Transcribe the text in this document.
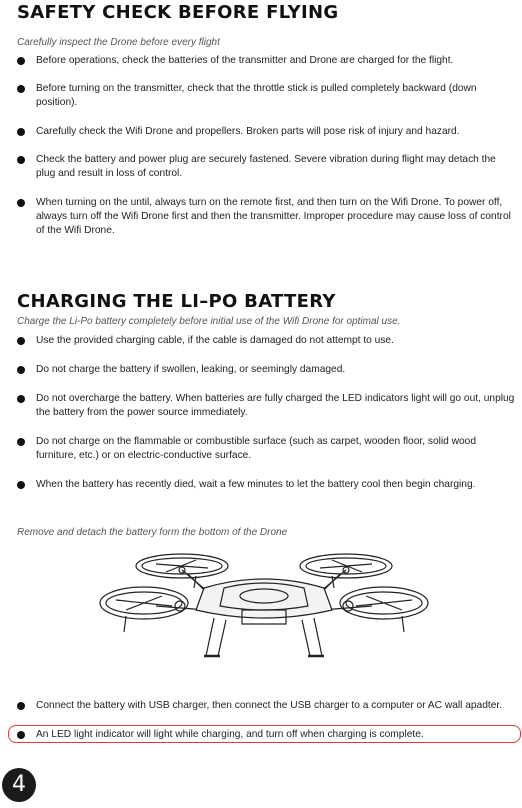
SAFETY CHECK BEFORE FLYING
Carefully inspect the Drone before every flight
Before operations, check the batteries of the transmitter and Drone are charged for the flight.
Before turning on the transmitter, check that the throttle stick is pulled completely backward (down position).
Carefully check the Wifi Drone and propellers. Broken parts will pose risk of injury and hazard.
Check the battery and power plug are securely fastened. Severe vibration during flight may detach the plug and result in loss of control.
When turning on the until, always turn on the remote first, and then turn on the Wifi Drone. To power off, always turn off the Wifi Drone first and then the transmitter. Improper procedure may cause loss of control of the Wifi Drone.
CHARGING THE LI–PO BATTERY
Charge the Li-Po battery completely before initial use of the Wifi Drone for optimal use.
Use the provided charging cable, if the cable is damaged do not attempt to use.
Do not charge the battery if swollen, leaking, or seemingly damaged.
Do not overcharge the battery. When batteries are fully charged the LED indicators light will go out, unplug the battery from the power source immediately.
Do not charge on the flammable or combustible surface (such as carpet, wooden floor, solid wood furniture, etc.) or on electric-conductive surface.
When the battery has recently died, wait a few minutes to let the battery cool then begin charging.
Remove and detach the battery form the bottom of the Drone
Connect the battery with USB charger, then connect the USB charger to a computer or AC wall apadter.
An LED light indicator will light while charging, and turn off when charging is complete.
4
